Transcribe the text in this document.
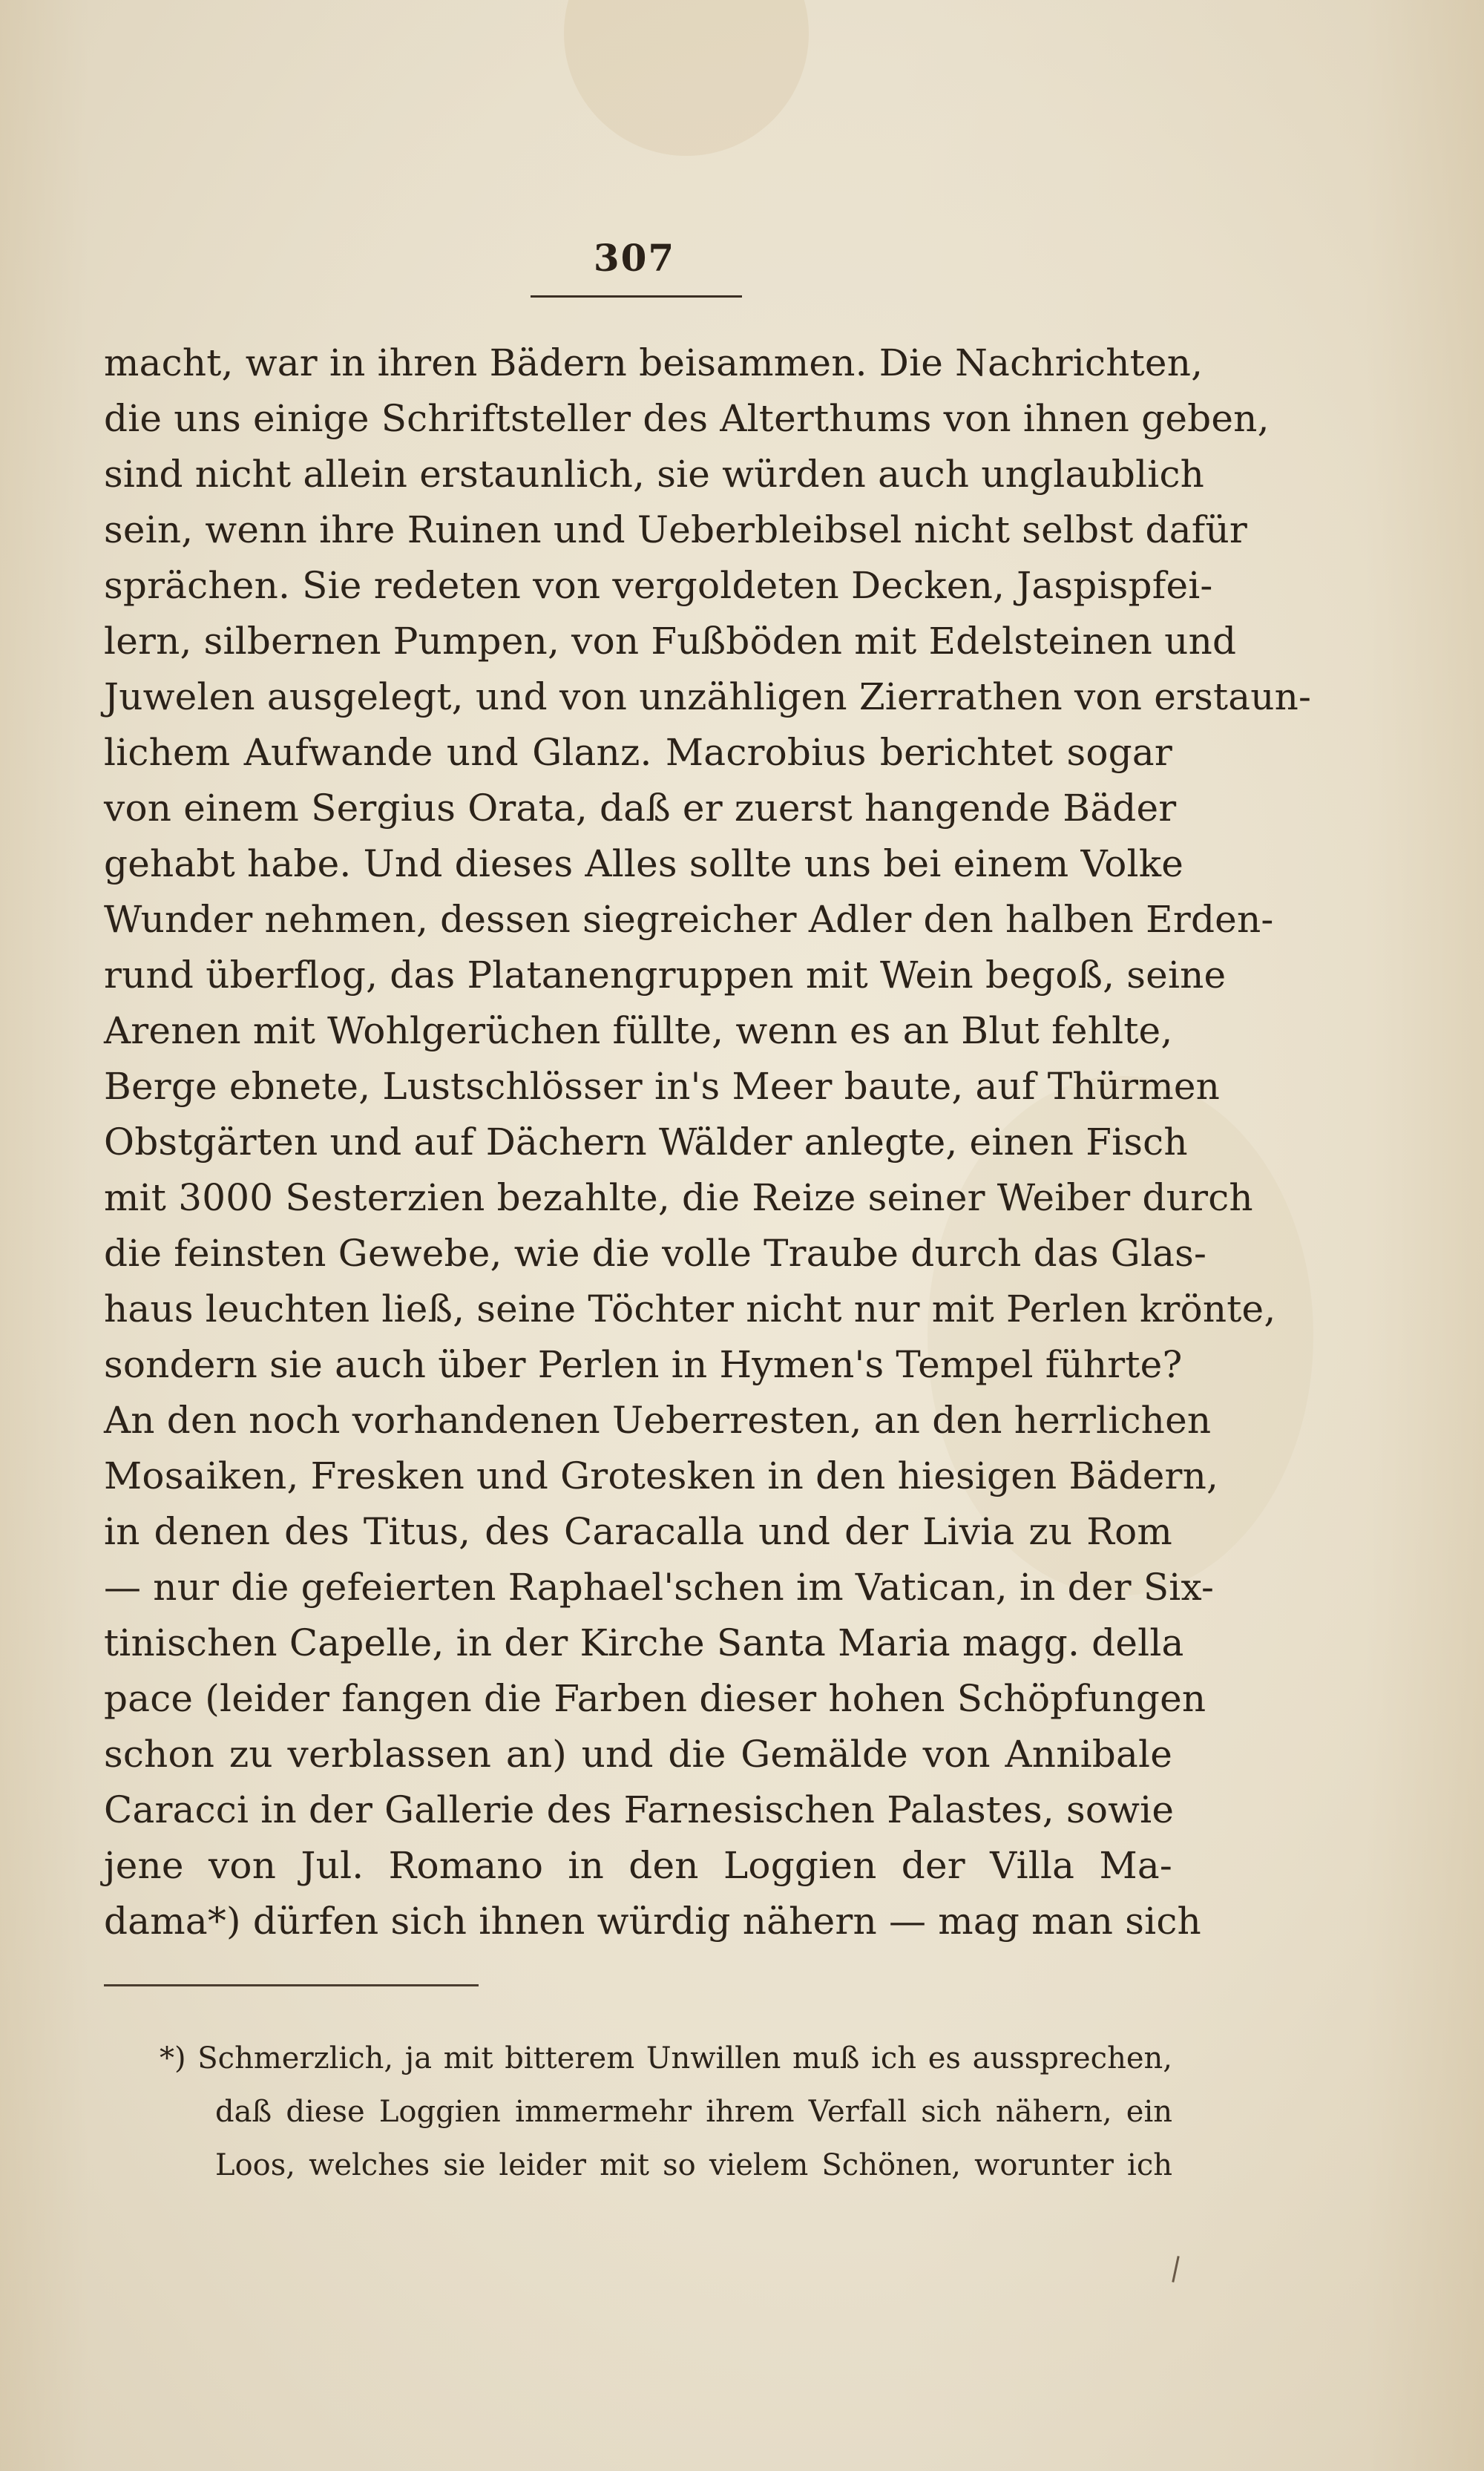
307
macht, war in ihren Bädern beisammen. Die Nachrichten,
die uns einige Schriftsteller des Alterthums von ihnen geben,
sind nicht allein erstaunlich, sie würden auch unglaublich
sein, wenn ihre Ruinen und Ueberbleibsel nicht selbst dafür
sprächen. Sie redeten von vergoldeten Decken, Jaspispfei-
lern, silbernen Pumpen, von Fußböden mit Edelsteinen und
Juwelen ausgelegt, und von unzähligen Zierrathen von erstaun-
lichem Aufwande und Glanz. Macrobius berichtet sogar
von einem Sergius Orata, daß er zuerst hangende Bäder
gehabt habe. Und dieses Alles sollte uns bei einem Volke
Wunder nehmen, dessen siegreicher Adler den halben Erden-
rund überflog, das Platanengruppen mit Wein begoß, seine
Arenen mit Wohlgerüchen füllte, wenn es an Blut fehlte,
Berge ebnete, Lustschlösser in's Meer baute, auf Thürmen
Obstgärten und auf Dächern Wälder anlegte, einen Fisch
mit 3000 Sesterzien bezahlte, die Reize seiner Weiber durch
die feinsten Gewebe, wie die volle Traube durch das Glas-
haus leuchten ließ, seine Töchter nicht nur mit Perlen krönte,
sondern sie auch über Perlen in Hymen's Tempel führte?
An den noch vorhandenen Ueberresten, an den herrlichen
Mosaiken, Fresken und Grotesken in den hiesigen Bädern,
in denen des Titus, des Caracalla und der Livia zu Rom
— nur die gefeierten Raphael'schen im Vatican, in der Six-
tinischen Capelle, in der Kirche Santa Maria magg. della
pace (leider fangen die Farben dieser hohen Schöpfungen
schon zu verblassen an) und die Gemälde von Annibale
Caracci in der Gallerie des Farnesischen Palastes, sowie
jene von Jul. Romano in den Loggien der Villa Ma-
dama*) dürfen sich ihnen würdig nähern — mag man sich
*) Schmerzlich, ja mit bitterem Unwillen muß ich es aussprechen,
daß diese Loggien immermehr ihrem Verfall sich nähern, ein
Loos, welches sie leider mit so vielem Schönen, worunter ich
